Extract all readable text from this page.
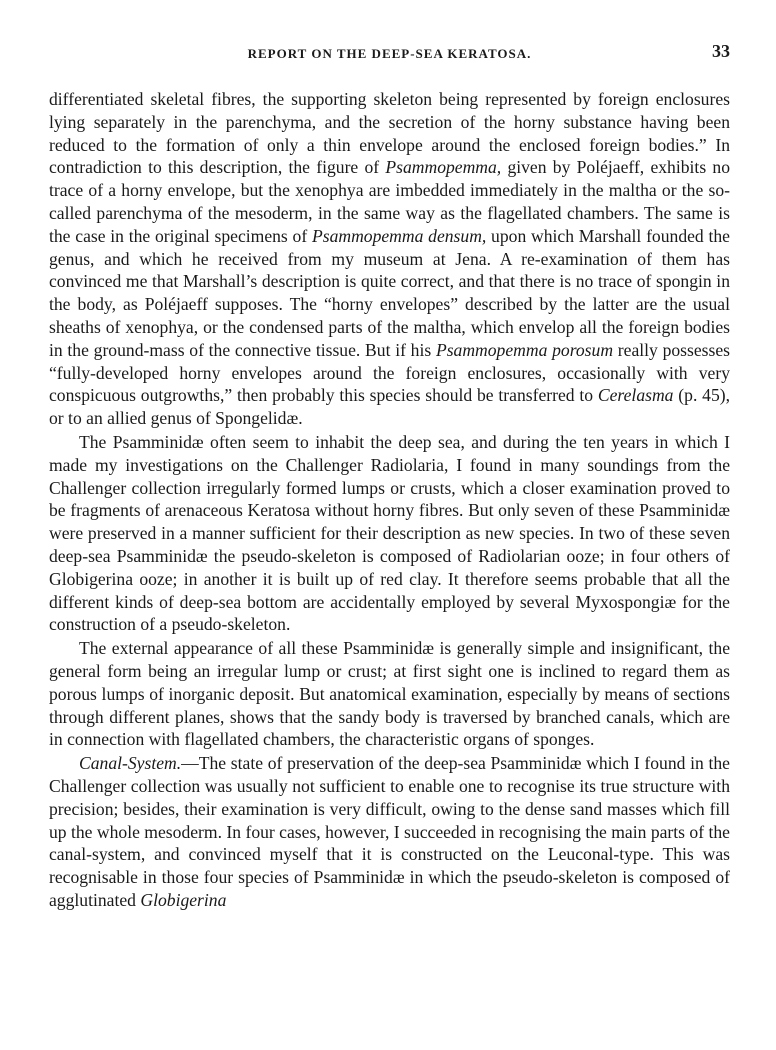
REPORT ON THE DEEP-SEA KERATOSA.	33

differentiated skeletal fibres, the supporting skeleton being represented by foreign enclosures lying separately in the parenchyma, and the secretion of the horny substance having been reduced to the formation of only a thin envelope around the enclosed foreign bodies.” In contradiction to this description, the figure of Psammopemma, given by Poléjaeff, exhibits no trace of a horny envelope, but the xenophya are imbedded immediately in the maltha or the so-called parenchyma of the mesoderm, in the same way as the flagellated chambers. The same is the case in the original specimens of Psammopemma densum, upon which Marshall founded the genus, and which he received from my museum at Jena. A re-examination of them has convinced me that Marshall’s description is quite correct, and that there is no trace of spongin in the body, as Poléjaeff supposes. The “horny envelopes” described by the latter are the usual sheaths of xenophya, or the condensed parts of the maltha, which envelop all the foreign bodies in the ground-mass of the connective tissue. But if his Psammopemma porosum really possesses “fully-developed horny envelopes around the foreign enclosures, occasionally with very conspicuous outgrowths,” then probably this species should be transferred to Cerelasma (p. 45), or to an allied genus of Spongelidæ.

The Psamminidæ often seem to inhabit the deep sea, and during the ten years in which I made my investigations on the Challenger Radiolaria, I found in many soundings from the Challenger collection irregularly formed lumps or crusts, which a closer examination proved to be fragments of arenaceous Keratosa without horny fibres. But only seven of these Psamminidæ were preserved in a manner sufficient for their description as new species. In two of these seven deep-sea Psamminidæ the pseudo-skeleton is composed of Radiolarian ooze; in four others of Globigerina ooze; in another it is built up of red clay. It therefore seems probable that all the different kinds of deep-sea bottom are accidentally employed by several Myxospongiæ for the construction of a pseudo-skeleton.

The external appearance of all these Psamminidæ is generally simple and insignificant, the general form being an irregular lump or crust; at first sight one is inclined to regard them as porous lumps of inorganic deposit. But anatomical examination, especially by means of sections through different planes, shows that the sandy body is traversed by branched canals, which are in connection with flagellated chambers, the characteristic organs of sponges.

Canal-System.—The state of preservation of the deep-sea Psamminidæ which I found in the Challenger collection was usually not sufficient to enable one to recognise its true structure with precision; besides, their examination is very difficult, owing to the dense sand masses which fill up the whole mesoderm. In four cases, however, I succeeded in recognising the main parts of the canal-system, and convinced myself that it is constructed on the Leuconal-type. This was recognisable in those four species of Psamminidæ in which the pseudo-skeleton is composed of agglutinated Globigerina
